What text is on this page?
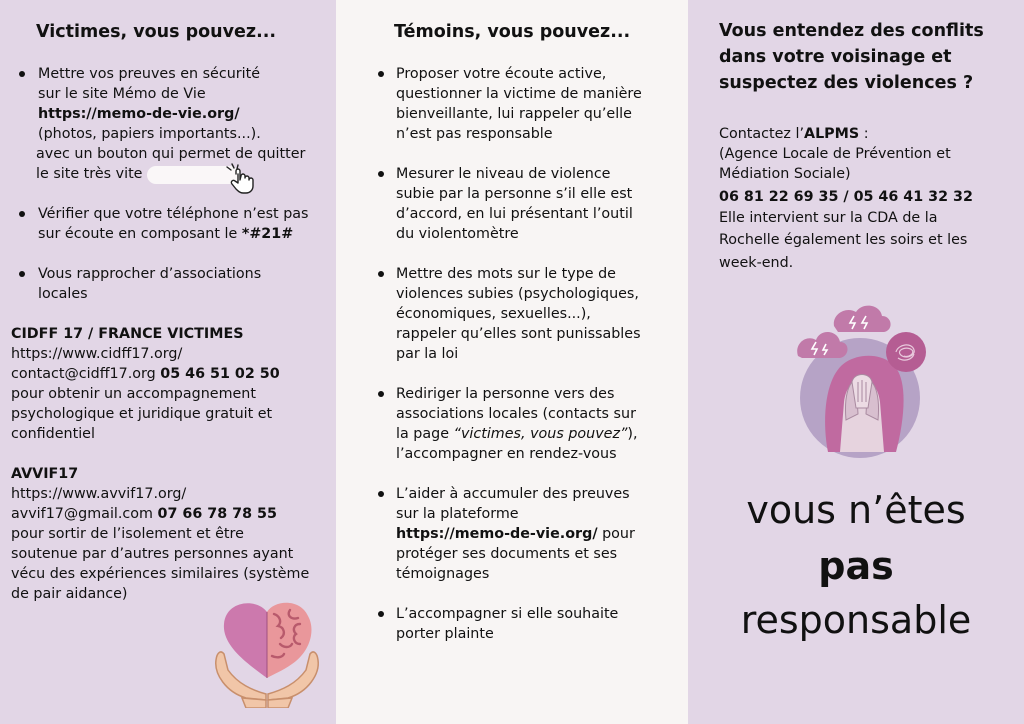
Victimes, vous pouvez...
Mettre vos preuves en sécurité
sur le site Mémo de Vie
https://memo-de-vie.org/
(photos, papiers importants...).
avec un bouton qui permet de quitter
le site très vite
Vérifier que votre téléphone n’est pas
sur écoute en composant le *#21#
Vous rapprocher d’associations
locales
CIDFF 17 / FRANCE VICTIMES
https://www.cidff17.org/
contact@cidff17.org 05 46 51 02 50
pour obtenir un accompagnement
psychologique et juridique gratuit et
confidentiel
AVVIF17
https://www.avvif17.org/
avvif17@gmail.com 07 66 78 78 55
pour sortir de l’isolement et être
soutenue par d’autres personnes ayant
vécu des expériences similaires (système
de pair aidance)
Témoins, vous pouvez...
Proposer votre écoute active,
questionner la victime de manière
bienveillante, lui rappeler qu’elle
n’est pas responsable
Mesurer le niveau de violence
subie par la personne s’il elle est
d’accord, en lui présentant l’outil
du violentomètre
Mettre des mots sur le type de
violences subies (psychologiques,
économiques, sexuelles...),
rappeler qu’elles sont punissables
par la loi
Rediriger la personne vers des
associations locales (contacts sur
la page “victimes, vous pouvez”),
l’accompagner en rendez-vous
L’aider à accumuler des preuves
sur la plateforme
https://memo-de-vie.org/ pour
protéger ses documents et ses
témoignages
L’accompagner si elle souhaite
porter plainte
Vous entendez des conflits
dans votre voisinage et
suspectez des violences ?
Contactez l’ALPMS :
(Agence Locale de Prévention et
Médiation Sociale)
06 81 22 69 35 / 05 46 41 32 32
Elle intervient sur la CDA de la
Rochelle également les soirs et les
week-end.
vous n’êtes
pas
responsable
